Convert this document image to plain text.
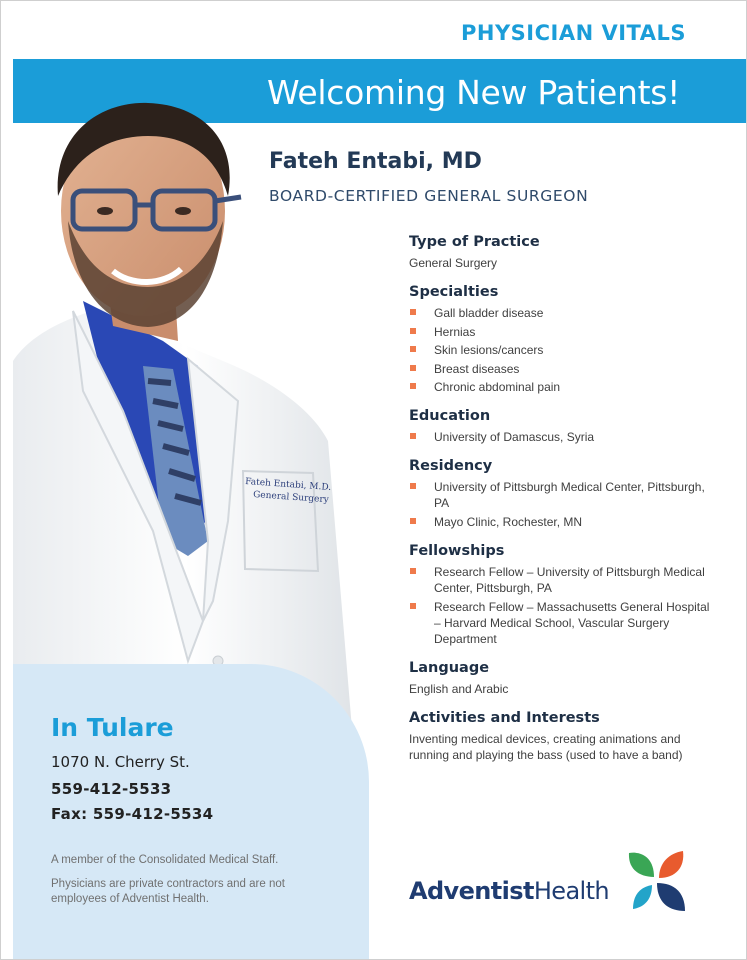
PHYSICIAN VITALS
Welcoming New Patients!
Fateh Entabi, M.D.
General Surgery
Fateh Entabi, MD
BOARD-CERTIFIED GENERAL SURGEON

Type of Practice

General Surgery

Specialties

Gall bladder disease
Hernias
Skin lesions/cancers
Breast diseases
Chronic abdominal pain

Education

University of Damascus, Syria

Residency

University of Pittsburgh Medical Center, Pittsburgh, PA
Mayo Clinic, Rochester, MN

Fellowships

Research Fellow – University of Pittsburgh Medical Center, Pittsburgh, PA
Research Fellow – Massachusetts General Hospital – Harvard Medical School, Vascular Surgery Department

Language

English and Arabic

Activities and Interests

Inventing medical devices, creating animations and running and playing the bass (used to have a band)

In Tulare
1070 N. Cherry St.
559-412-5533
Fax: 559-412-5534
A member of the Consolidated Medical Staff.
Physicians are private contractors and are not employees of Adventist Health.	AdventistHealth
